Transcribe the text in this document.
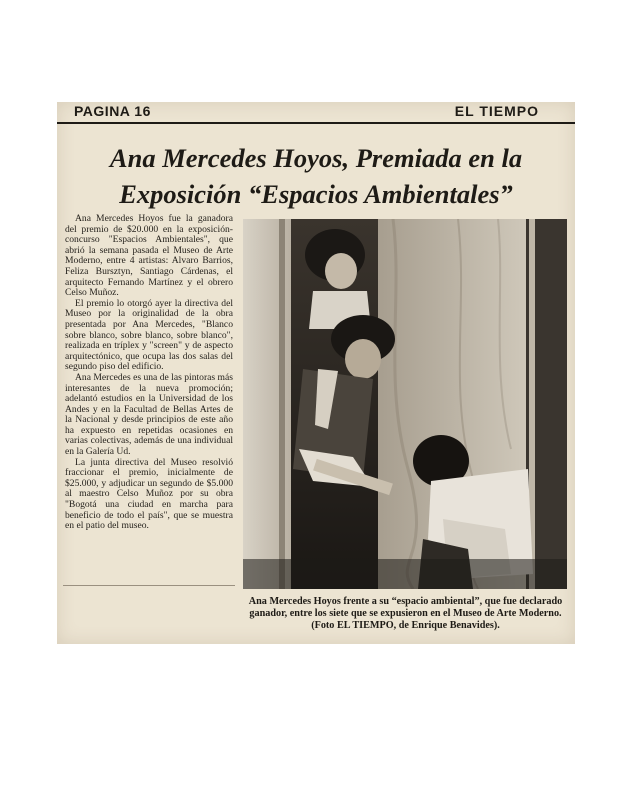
PAGINA 16	EL TIEMPO
Ana Mercedes Hoyos, Premiada en la
Exposición “Espacios Ambientales”

Ana Mercedes Hoyos fue la ganadora del premio de $20.000 en la exposición-concurso "Espacios Ambientales", que abrió la semana pasada el Museo de Arte Moderno, entre 4 artistas: Alvaro Barrios, Feliza Bursztyn, Santiago Cárdenas, el arquitecto Fernando Martínez y el obrero Celso Muñoz.

El premio lo otorgó ayer la directiva del Museo por la originalidad de la obra presentada por Ana Mercedes, "Blanco sobre blanco, sobre blanco, sobre blanco", realizada en tríplex y "screen" y de aspecto arquitectónico, que ocupa las dos salas del segundo piso del edificio.

Ana Mercedes es una de las pintoras más interesantes de la nueva promoción; adelantó estudios en la Universidad de los Andes y en la Facultad de Bellas Artes de la Nacional y desde principios de este año ha expuesto en repetidas ocasiones en varias colectivas, además de una individual en la Galería Ud.

La junta directiva del Museo resolvió fraccionar el premio, inicialmente de $25.000, y adjudicar un segundo de $5.000 al maestro Celso Muñoz por su obra "Bogotá una ciudad en marcha para beneficio de todo el país", que se muestra en el patio del museo.

Ana Mercedes Hoyos frente a su “espacio ambiental”, que fue declarado ganador, entre los siete que se expusieron en el Museo de Arte Moderno. (Foto EL TIEMPO, de Enrique Benavides).
